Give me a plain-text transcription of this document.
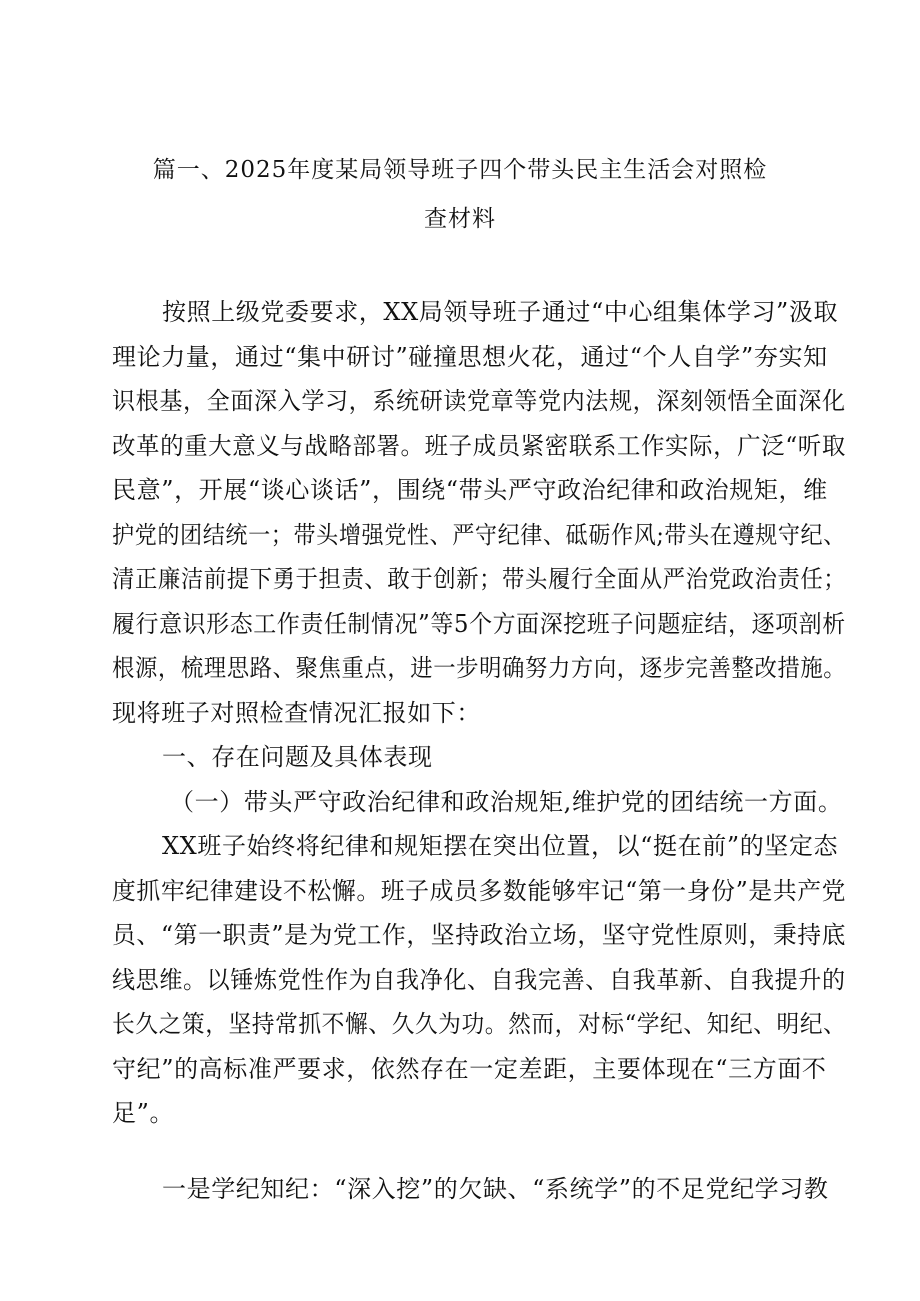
篇一、2025年度某局领导班子四个带头民主生活会对照检
查材料
按照上级党委要求，XX局领导班子通过“中心组集体学习”汲取
理论力量，通过“集中研讨”碰撞思想火花，通过“个人自学”夯实知
识根基，全面深入学习，系统研读党章等党内法规，深刻领悟全面深化
改革的重大意义与战略部署。班子成员紧密联系工作实际，广泛“听取
民意”，开展“谈心谈话”，围绕“带头严守政治纪律和政治规矩，维
护党的团结统一；带头增强党性、严守纪律、砥砺作风;带头在遵规守纪、
清正廉洁前提下勇于担责、敢于创新；带头履行全面从严治党政治责任；
履行意识形态工作责任制情况”等5个方面深挖班子问题症结，逐项剖析
根源，梳理思路、聚焦重点，进一步明确努力方向，逐步完善整改措施。
现将班子对照检查情况汇报如下：
一、存在问题及具体表现
（一）带头严守政治纪律和政治规矩,维护党的团结统一方面。
XX班子始终将纪律和规矩摆在突出位置，以“挺在前”的坚定态
度抓牢纪律建设不松懈。班子成员多数能够牢记“第一身份”是共产党
员、“第一职责”是为党工作，坚持政治立场，坚守党性原则，秉持底
线思维。以锤炼党性作为自我净化、自我完善、自我革新、自我提升的
长久之策，坚持常抓不懈、久久为功。然而，对标“学纪、知纪、明纪、
守纪”的高标准严要求，依然存在一定差距，主要体现在“三方面不
足”。
一是学纪知纪：“深入挖”的欠缺、“系统学”的不足党纪学习教
